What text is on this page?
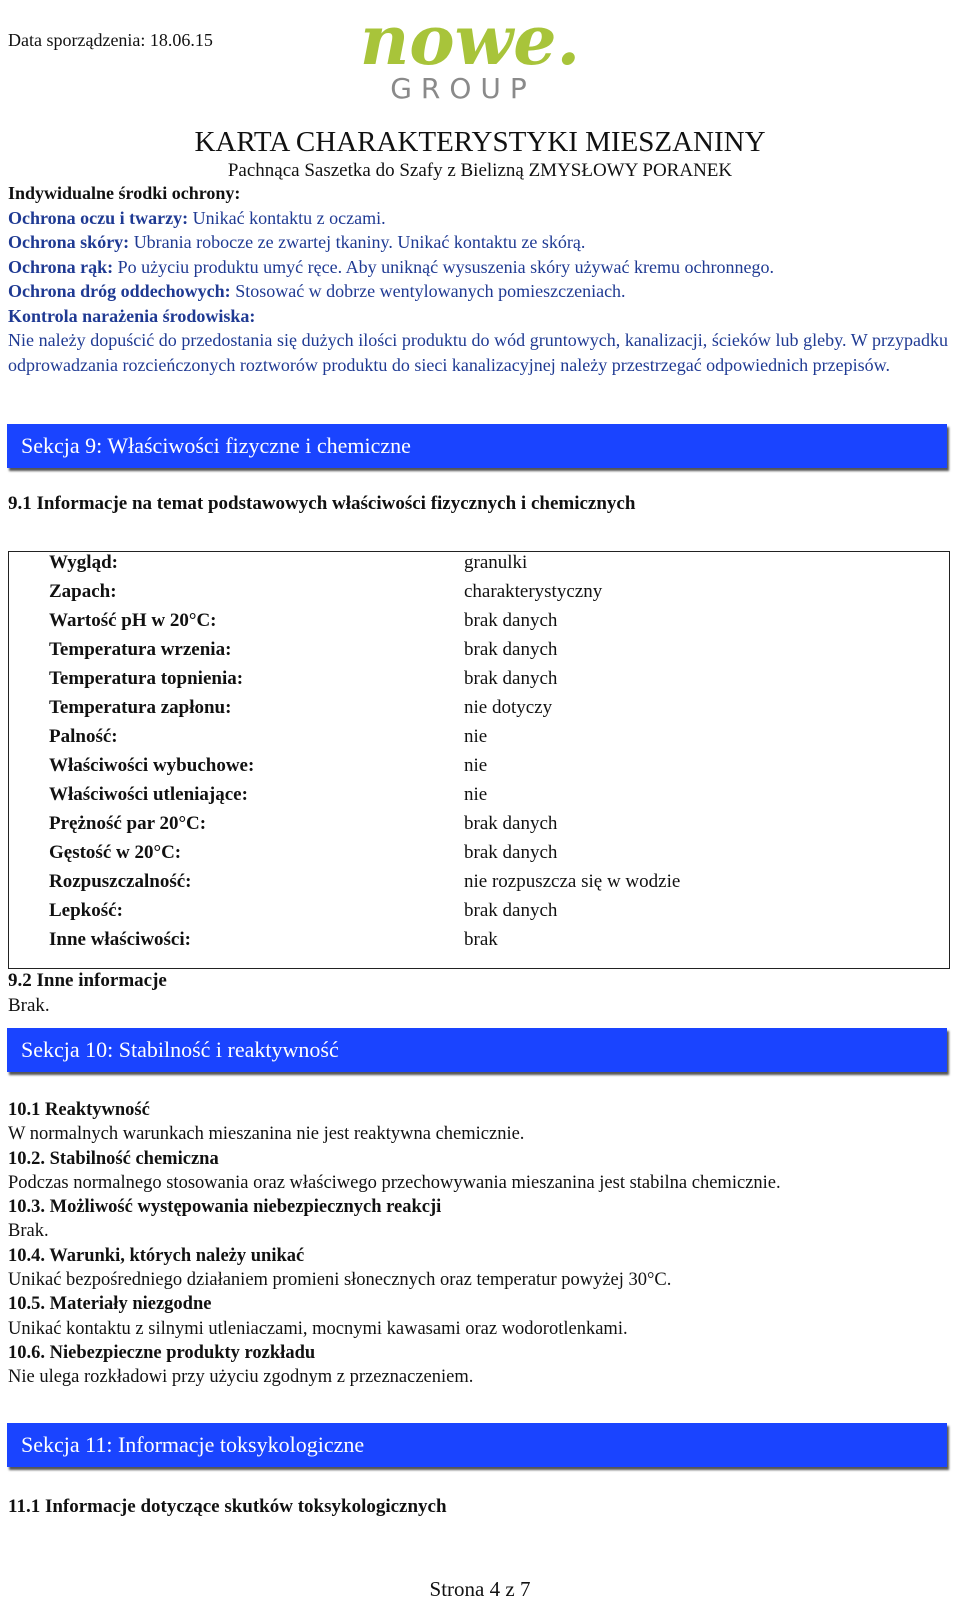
Data sporządzenia: 18.06.15 nowe.
GROUP
KARTA CHARAKTERYSTYKI MIESZANINY
Pachnąca Saszetka do Szafy z Bielizną ZMYSŁOWY PORANEK
Indywidualne środki ochrony:
Ochrona oczu i twarzy: Unikać kontaktu z oczami.
Ochrona skóry: Ubrania robocze ze zwartej tkaniny. Unikać kontaktu ze skórą.
Ochrona rąk: Po użyciu produktu umyć ręce. Aby uniknąć wysuszenia skóry używać kremu ochronnego.
Ochrona dróg oddechowych: Stosować w dobrze wentylowanych pomieszczeniach.
Kontrola narażenia środowiska:
Nie należy dopuścić do przedostania się dużych ilości produktu do wód gruntowych, kanalizacji, ścieków lub gleby. W przypadku odprowadzania rozcieńczonych roztworów produktu do sieci kanalizacyjnej należy przestrzegać odpowiednich przepisów.
Sekcja 9: Właściwości fizyczne i chemiczne
9.1 Informacje na temat podstawowych właściwości fizycznych i chemicznych
Wygląd:	granulki
Zapach:	charakterystyczny
Wartość pH w 20°C:	brak danych
Temperatura wrzenia:	brak danych
Temperatura topnienia:	brak danych
Temperatura zapłonu:	nie dotyczy
Palność:	nie
Właściwości wybuchowe:	nie
Właściwości utleniające:	nie
Prężność par 20°C:	brak danych
Gęstość w 20°C:	brak danych
Rozpuszczalność:	nie rozpuszcza się w wodzie
Lepkość:	brak danych
Inne właściwości:	brak
9.2 Inne informacje
Brak.
Sekcja 10: Stabilność i reaktywność
10.1 Reaktywność
W normalnych warunkach mieszanina nie jest reaktywna chemicznie.
10.2. Stabilność chemiczna
Podczas normalnego stosowania oraz właściwego przechowywania mieszanina jest stabilna chemicznie.
10.3. Możliwość występowania niebezpiecznych reakcji
Brak.
10.4. Warunki, których należy unikać
Unikać bezpośredniego działaniem promieni słonecznych oraz temperatur powyżej 30°C.
10.5. Materiały niezgodne
Unikać kontaktu z silnymi utleniaczami, mocnymi kawasami oraz wodorotlenkami.
10.6. Niebezpieczne produkty rozkładu
Nie ulega rozkładowi przy użyciu zgodnym z przeznaczeniem.
Sekcja 11: Informacje toksykologiczne
11.1 Informacje dotyczące skutków toksykologicznych
Strona 4 z 7
